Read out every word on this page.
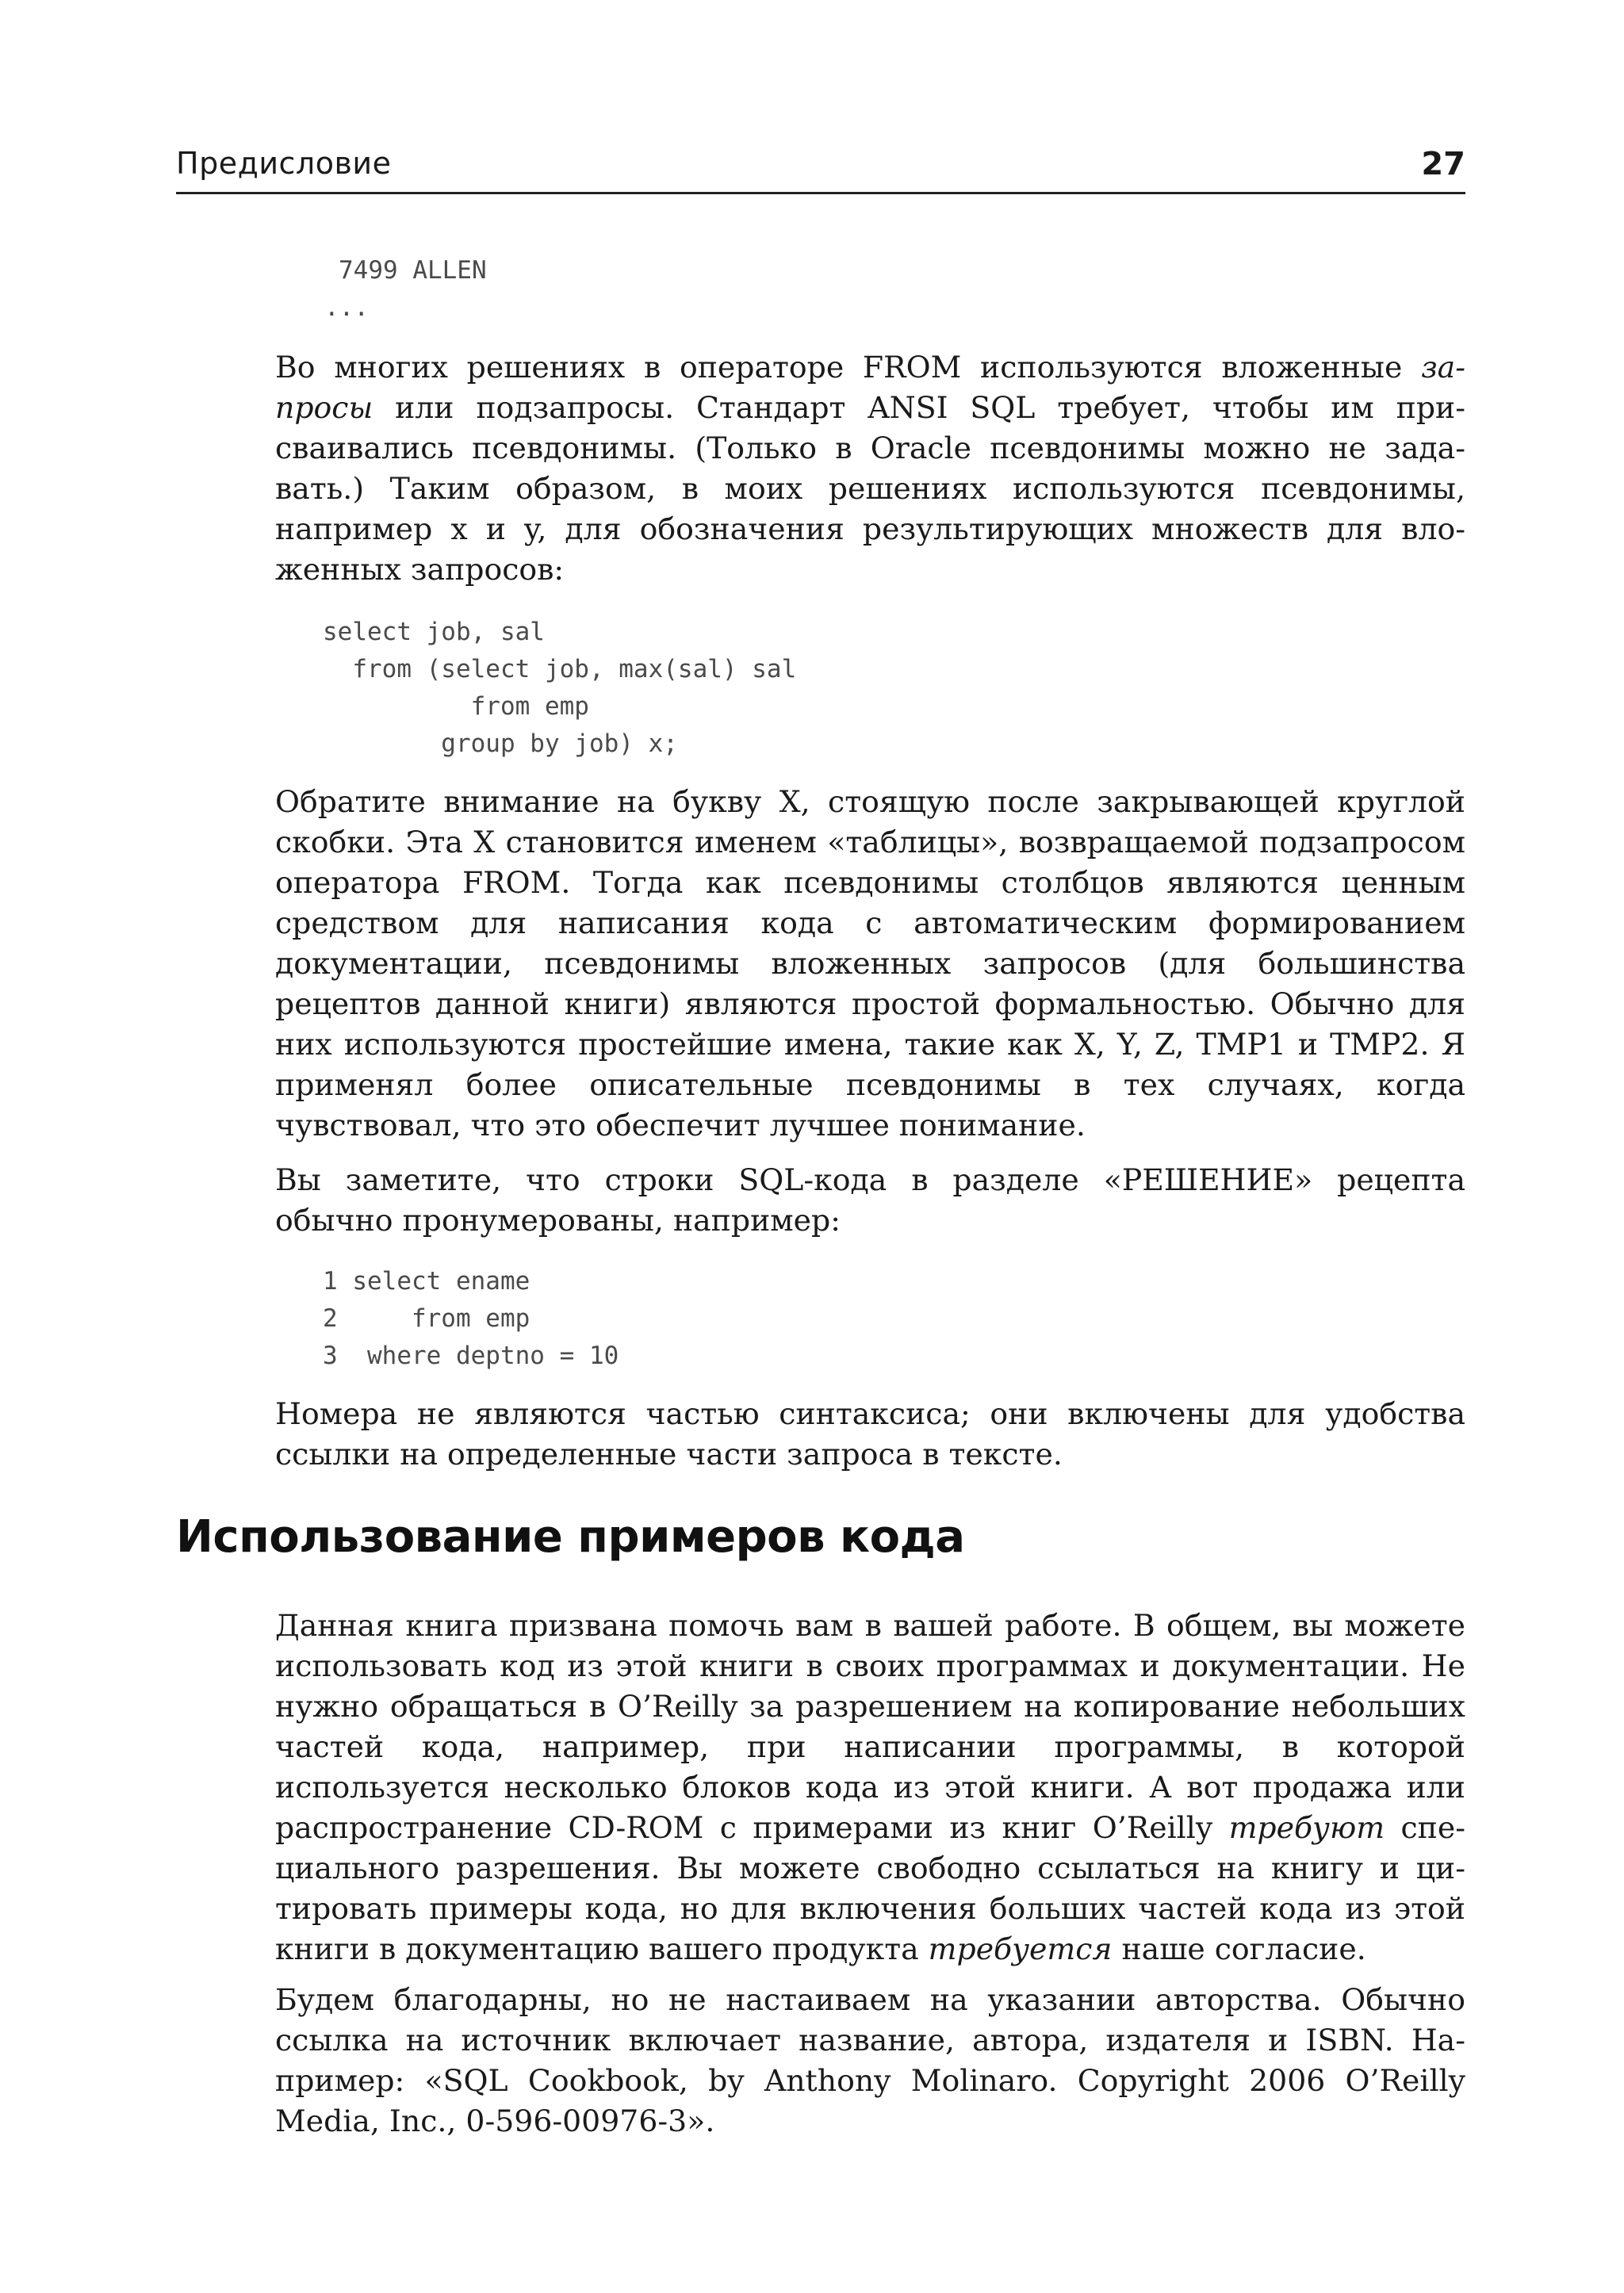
Предисловие	27
7499 ALLEN
...

Во многих решениях в операторе FROM используются вложенные запросы или подзапросы. Стандарт ANSI SQL требует, чтобы им присваивались псевдонимы. (Только в Oracle псевдонимы можно не задавать.) Таким образом, в моих решениях используются псевдонимы, например x и y, для обозначения результирующих множеств для вложенных запросов:

select job, sal
from (select job, max(sal) sal
from emp
group by job) x;

Обратите внимание на букву X, стоящую после закрывающей круглой скобки. Эта X становится именем «таблицы», возвращаемой подзапросом оператора FROM. Тогда как псевдонимы столбцов являются ценным средством для написания кода с автоматическим формированием документации, псевдонимы вложенных запросов (для большинства рецептов данной книги) являются простой формальностью. Обычно для них используются простейшие имена, такие как X, Y, Z, TMP1 и TMP2. Я применял более описательные псевдонимы в тех случаях, когда чувствовал, что это обеспечит лучшее понимание.

Вы заметите, что строки SQL-кода в разделе «РЕШЕНИЕ» рецепта обычно пронумерованы, например:

1 select ename
2     from emp
3  where deptno = 10

Номера не являются частью синтаксиса; они включены для удобства ссылки на определенные части запроса в тексте.

Использование примеров кода

Данная книга призвана помочь вам в вашей работе. В общем, вы можете использовать код из этой книги в своих программах и документации. Не нужно обращаться в O’Reilly за разрешением на копирование небольших частей кода, например, при написании программы, в которой используется несколько блоков кода из этой книги. А вот продажа или распространение CD-ROM с примерами из книг O’Reilly требуют специального разрешения. Вы можете свободно ссылаться на книгу и цитировать примеры кода, но для включения больших частей кода из этой книги в документацию вашего продукта требуется наше согласие.

Будем благодарны, но не настаиваем на указании авторства. Обычно ссылка на источник включает название, автора, издателя и ISBN. Например: «SQL Cookbook, by Anthony Molinaro. Copyright 2006 O’Reilly Media, Inc., 0-596-00976-3».
